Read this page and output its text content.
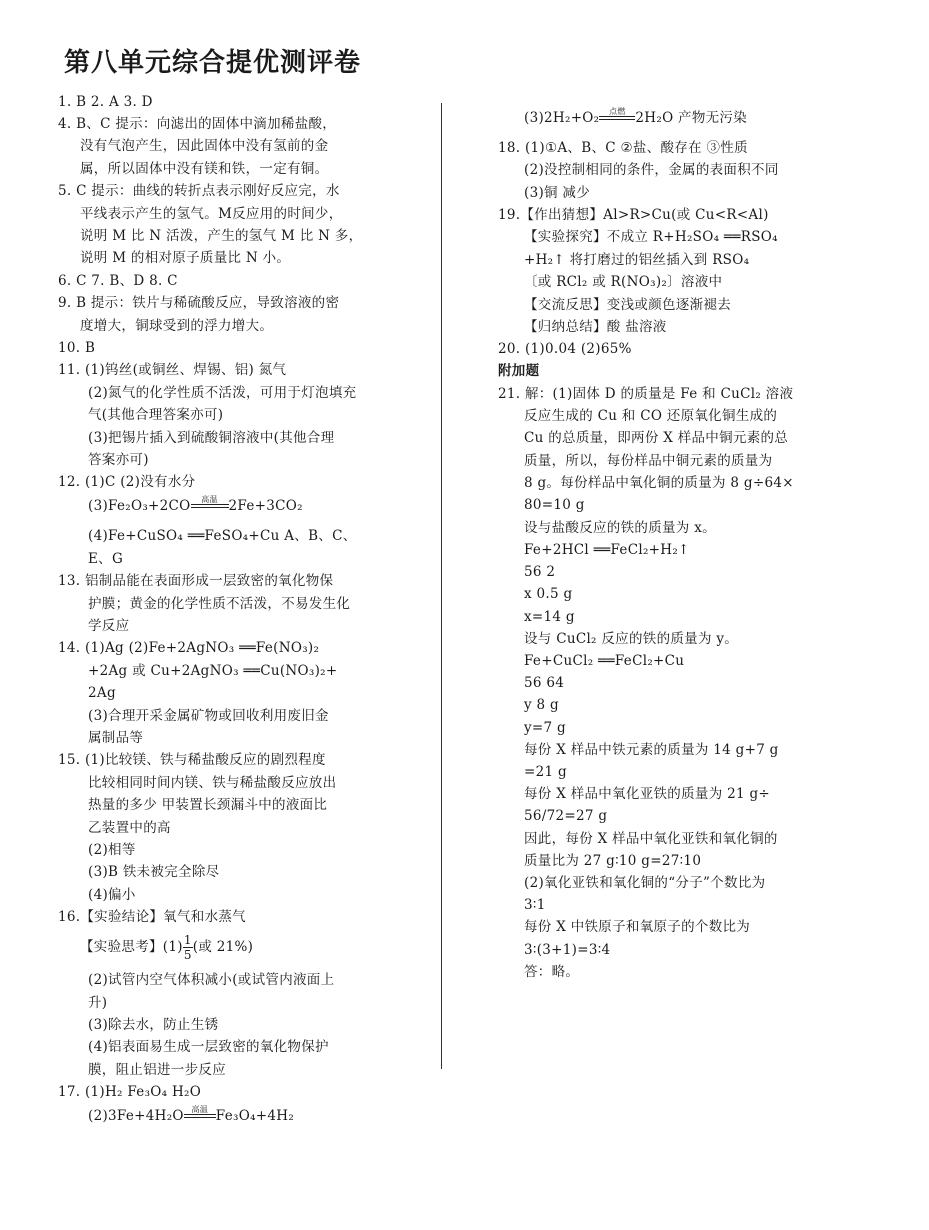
第八单元综合提优测评卷
(3)Fe₂O₃+2CO $^{高温}$ 2Fe+3CO₂
【实验思考】$(1) \frac{1}{5}$ (或 21%)
(2)3Fe+4H₂O $^{高温}$ Fe₃O₄+4H₂
1. B 2. A 3. D
4. B、C 提示：向滤出的固体中滴加稀盐酸，
没有气泡产生，因此固体中没有氢前的金
属，所以固体中没有镁和铁，一定有铜。
5. C 提示：曲线的转折点表示刚好反应完，水
平线表示产生的氢气。M反应用的时间少，
说明 M 比 N 活泼，产生的氢气 M 比 N 多，
说明 M 的相对原子质量比 N 小。
6. C 7. B、D 8. C
9. B 提示：铁片与稀硫酸反应，导致溶液的密
度增大，铜球受到的浮力增大。
10. B
11. (1)钨丝(或铜丝、焊锡、铝) 氮气
(2)氮气的化学性质不活泼，可用于灯泡填充
气(其他合理答案亦可)
(3)把锡片插入到硫酸铜溶液中(其他合理
答案亦可)
12. (1)C (2)没有水分
(4)Fe+CuSO₄ ══FeSO₄+Cu A、B、C、
E、G
13. 铝制品能在表面形成一层致密的氧化物保
护膜；黄金的化学性质不活泼，不易发生化
学反应
14. (1)Ag (2)Fe+2AgNO₃ ══Fe(NO₃)₂
+2Ag 或 Cu+2AgNO₃ ══Cu(NO₃)₂+
2Ag
(3)合理开采金属矿物或回收利用废旧金
属制品等
15. (1)比较镁、铁与稀盐酸反应的剧烈程度
比较相同时间内镁、铁与稀盐酸反应放出
热量的多少 甲装置长颈漏斗中的液面比
乙装置中的高
(2)相等
(3)B 铁未被完全除尽
(4)偏小
16.【实验结论】氧气和水蒸气
(2)试管内空气体积减小(或试管内液面上
升)
(3)除去水，防止生锈
(4)铝表面易生成一层致密的氧化物保护
膜，阻止铝进一步反应
17. (1)H₂ Fe₃O₄ H₂O
(3)2H₂+O₂ $^{点燃}$ 2H₂O 产物无污染
18. (1)①A、B、C ②盐、酸存在 ③性质
(2)没控制相同的条件，金属的表面积不同
(3)铜 减少
19.【作出猜想】Al>R>Cu(或 Cu<R<Al)
【实验探究】不成立 R+H₂SO₄ ══RSO₄
+H₂↑ 将打磨过的铝丝插入到 RSO₄
〔或 RCl₂ 或 R(NO₃)₂〕溶液中
【交流反思】变浅或颜色逐渐褪去
【归纳总结】酸 盐溶液
20. (1)0.04 (2)65%
附加题
21. 解：(1)固体 D 的质量是 Fe 和 CuCl₂ 溶液
反应生成的 Cu 和 CO 还原氧化铜生成的
Cu 的总质量，即两份 X 样品中铜元素的总
质量，所以，每份样品中铜元素的质量为
8 g。每份样品中氧化铜的质量为 8 g÷64×
80=10 g
设与盐酸反应的铁的质量为 x。
Fe+2HCl ══FeCl₂+H₂↑
56 2
x 0.5 g
x=14 g
设与 CuCl₂ 反应的铁的质量为 y。
Fe+CuCl₂ ══FeCl₂+Cu
56 64
y 8 g
y=7 g
每份 X 样品中铁元素的质量为 14 g+7 g
=21 g
每份 X 样品中氧化亚铁的质量为 21 g÷
56/72=27 g
因此，每份 X 样品中氧化亚铁和氧化铜的
质量比为 27 g∶10 g=27∶10
(2)氧化亚铁和氧化铜的“分子”个数比为
3∶1
每份 X 中铁原子和氧原子的个数比为
3∶(3+1)=3∶4
答：略。
